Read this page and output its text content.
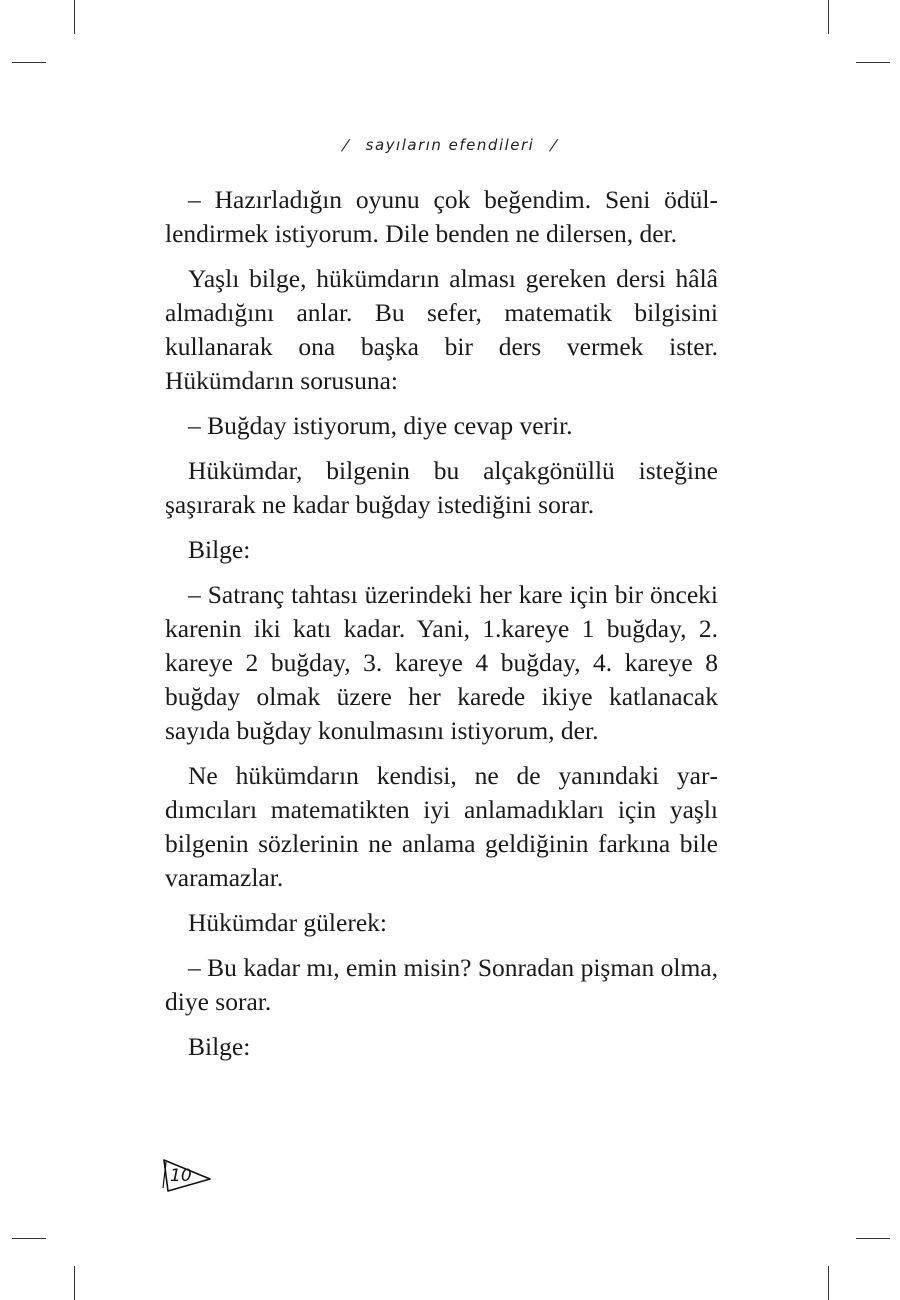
/ sayıların efendileri /

– Hazırladığın oyunu çok beğendim. Seni ödüllendirmek istiyorum. Dile benden ne dilersen, der.

Yaşlı bilge, hükümdarın alması gereken dersi hâlâ almadığını anlar. Bu sefer, matematik bilgisini kullanarak ona başka bir ders vermek ister. Hükümdarın sorusuna:

– Buğday istiyorum, diye cevap verir.

Hükümdar, bilgenin bu alçakgönüllü isteğine şaşırarak ne kadar buğday istediğini sorar.

Bilge:

– Satranç tahtası üzerindeki her kare için bir önceki karenin iki katı kadar. Yani, 1.kareye 1 buğday, 2. kareye 2 buğday, 3. kareye 4 buğday, 4. kareye 8 buğday olmak üzere her karede ikiye katlanacak sayıda buğday konulmasını istiyorum, der.

Ne hükümdarın kendisi, ne de yanındaki yardımcıları matematikten iyi anlamadıkları için yaşlı bilgenin sözlerinin ne anlama geldiğinin farkına bile varamazlar.

Hükümdar gülerek:

– Bu kadar mı, emin misin? Sonradan pişman olma, diye sorar.

Bilge:

10
